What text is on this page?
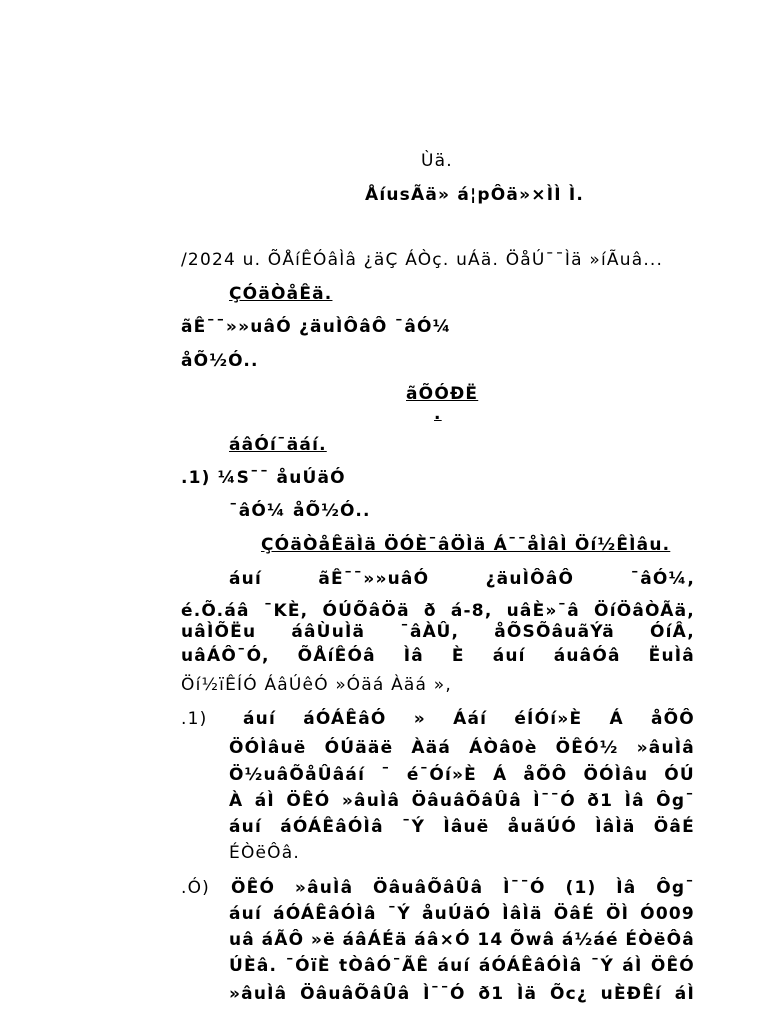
Ùä.
ÅíusÃä» á¦pÔä»×ÌÌ Ì.
/2024 u. ÕÅíÊÓâÌâ ¿äÇ ÁÒç. uÁä. ÖåÚ¯¯Ìä »íÃuâ...
ÇÓäÒåÊä.
ãÊ¯¯»»uâÓ ¿äuÌÔâÔ ¯âÓ¼
åÕ½Ó..
ãÕÓÐË
.
áâÓí¯äáí.
.1) ¼S¯¯ åuÚäÓ
¯âÓ¼ åÕ½Ó..
ÇÓäÒåÊäÌä ÖÓÈ¯âÖÌä Á¯¯åÌâÌ Öí½ÊÌâu.
áuí	ãÊ¯¯»»uâÓ	¿äuÌÔâÔ	¯âÓ¼,
é.Õ.áâ ¯KÈ, ÓÚÕâÖä ð á-8, uâÈ»¯â ÖíÖâÒÃä,
uâÌÕËu áâÙuÌä ¯âÀÛ, åÕSÕâuãÝä ÓíÂ,
uâÁÔ¯Ó, ÕÅíÊÓâ Ìâ È áuí áuâÓâ ËuÌâ
Öí½ïÊÍÓ ÁâÚêÓ »Óäá Àäá »,
.1) áuí áÓÁÊâÓ » Ááí éÍÓí»È Á åÕÔ
ÖÓÌâuë ÓÚääë Àäá ÁÒâ0è ÖÊÓ½ »âuÌâ
Ö½uâÕåÛâáí ¯ é¯Óí»È Á åÕÔ ÖÓÌâu ÓÚ
À áÌ ÖÊÓ »âuÌâ ÖâuâÕâÛâ Ì¯¯Ó ð1 Ìâ Ôg¯
áuí áÓÁÊâÓÌâ ¯Ý Ìâuë åuãÚÓ ÌâÌä ÖâÉ
ÉÒëÔâ.
.Ó) ÖÊÓ »âuÌâ ÖâuâÕâÛâ Ì¯¯Ó (1) Ìâ Ôg¯
áuí áÓÁÊâÓÌâ ¯Ý åuÚäÓ ÌâÌä ÖâÉ ÖÌ Ó009
uâ áÃÔ »ë áâÁÉä áâ×Ó 14 Õwâ á½áé ÉÒëÔâ
ÚÈâ. ¯ÓïÈ tÒâÓ¯ÃÊ áuí áÓÁÊâÓÌâ ¯Ý áÌ ÖÊÓ
»âuÌâ ÖâuâÕâÛâ Ì¯¯Ó ð1 Ìä Õc¿ uÈÐÊí áÌ
